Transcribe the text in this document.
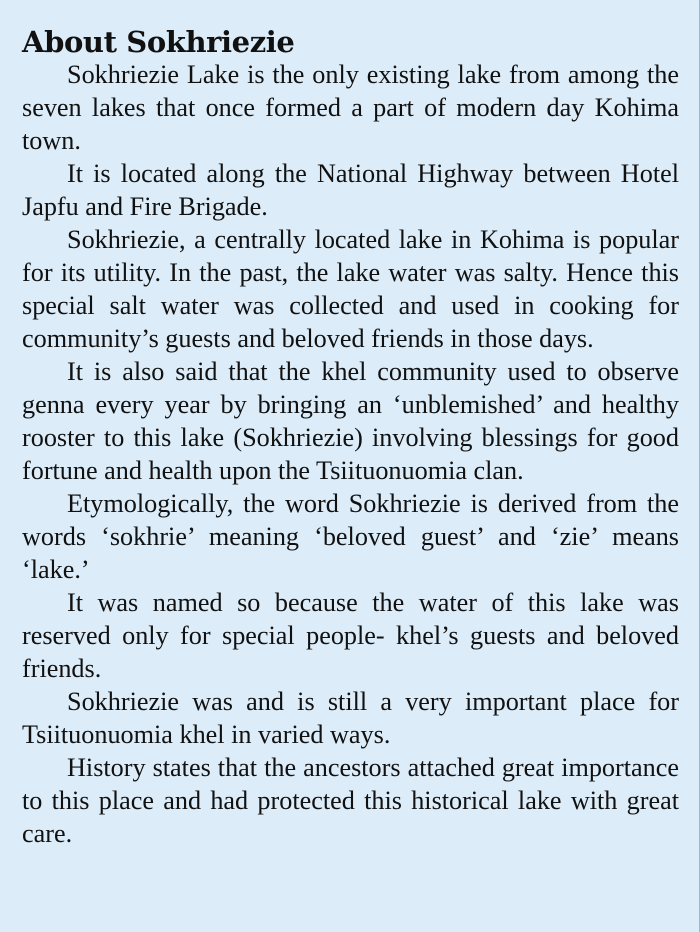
About Sokhriezie

Sokhriezie Lake is the only existing lake from among the seven lakes that once formed a part of modern day Kohima town.

It is located along the National Highway between Hotel Japfu and Fire Brigade.

Sokhriezie, a centrally located lake in Kohima is popular for its utility. In the past, the lake water was salty. Hence this special salt water was collected and used in cooking for community’s guests and beloved friends in those days.

It is also said that the khel community used to observe genna every year by bringing an ‘unblemished’ and healthy rooster to this lake (Sokhriezie) involving blessings for good fortune and health upon the Tsiituonuomia clan.

Etymologically, the word Sokhriezie is derived from the words ‘sokhrie’ meaning ‘beloved guest’ and ‘zie’ means ‘lake.’

It was named so because the water of this lake was reserved only for special people- khel’s guests and beloved friends.

Sokhriezie was and is still a very important place for Tsiituonuomia khel in varied ways.

History states that the ancestors attached great importance to this place and had protected this historical lake with great care.
